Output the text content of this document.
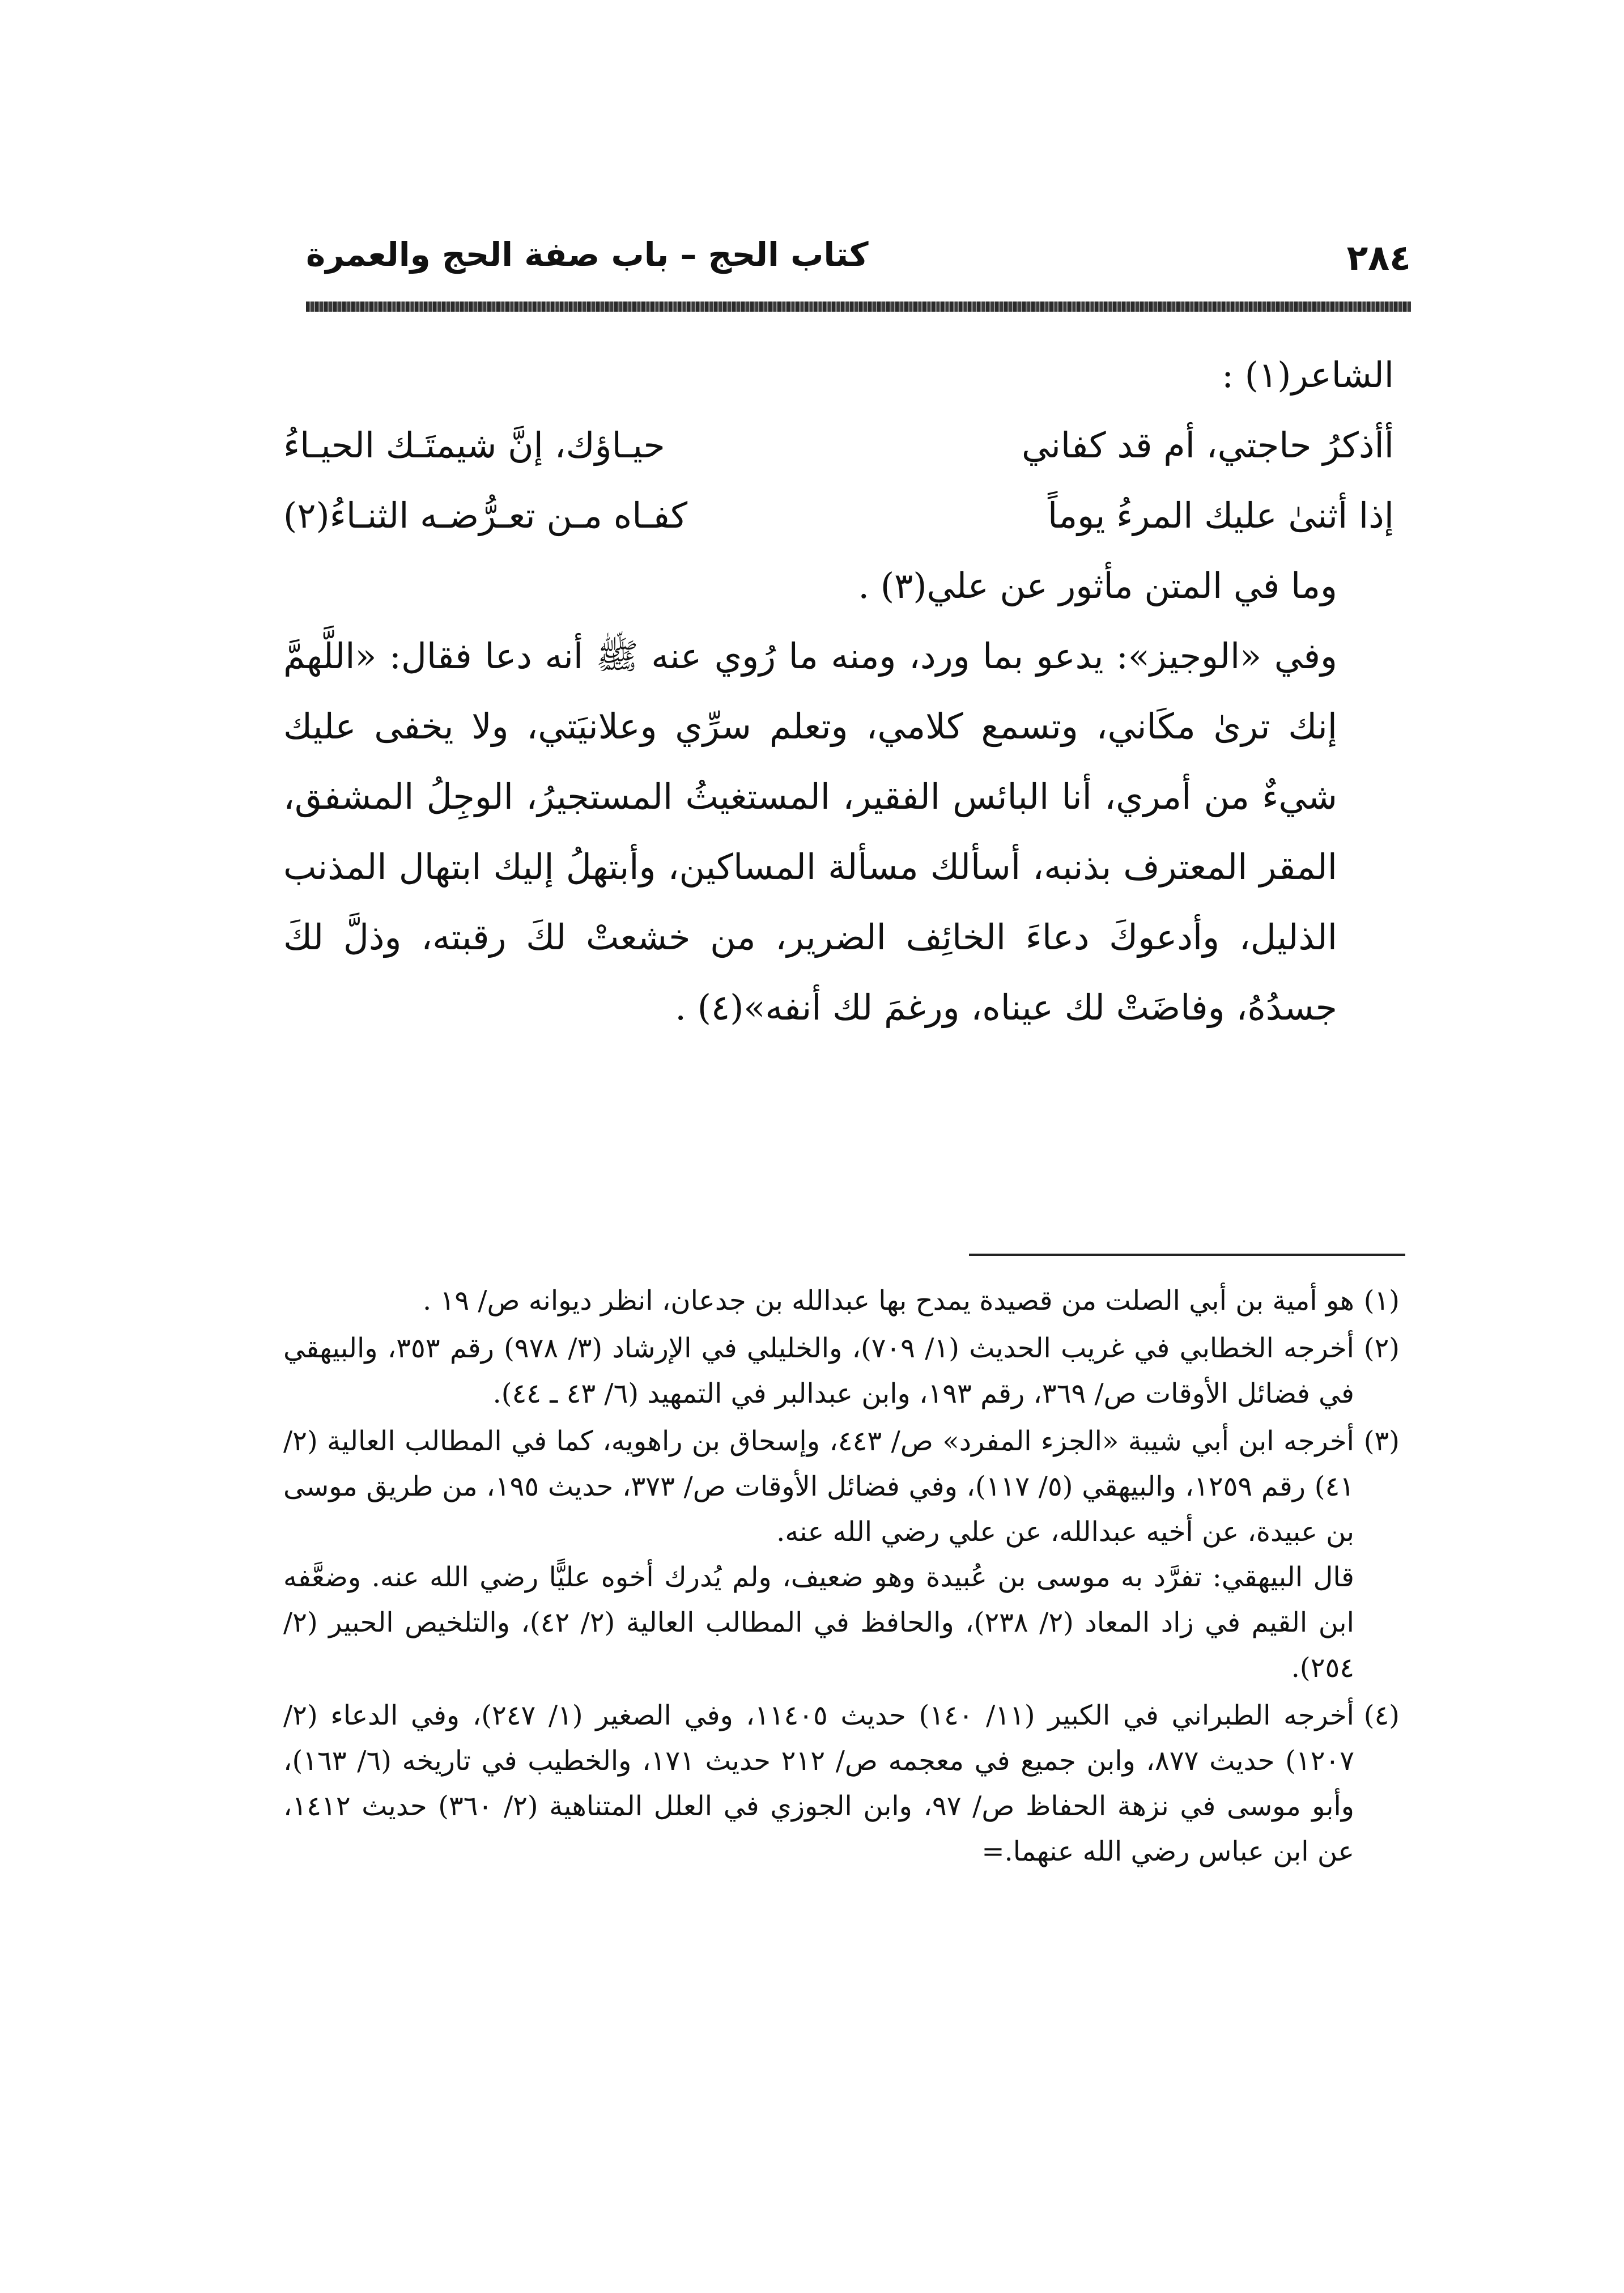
٢٨٤
كتاب الحج – باب صفة الحج والعمرة

الشاعر(١) :

أأذكرُ حاجتي، أم قد كفاني
حيـاؤك، إنَّ شيمتَـك الحيـاءُ
إذا أثنىٰ عليك المرءُ يوماً
كفـاه مـن تعـرُّضـه الثنـاءُ(٢)

وما في المتن مأثور عن علي(٣) .

وفي «الوجيز»: يدعو بما ورد، ومنه ما رُوي عنه ﷺ أنه دعا فقال: «اللَّهمَّ إنك ترىٰ مكَاني، وتسمع كلامي، وتعلم سرِّي وعلانيَتي، ولا يخفى عليك شيءٌ من أمري، أنا البائس الفقير، المستغيثُ المستجيرُ، الوجِلُ المشفق، المقر المعترف بذنبه، أسألك مسألة المساكين، وأبتهلُ إليك ابتهال المذنب الذليل، وأدعوكَ دعاءَ الخائِف الضرير، من خشعتْ لكَ رقبته، وذلَّ لكَ جسدُهُ، وفاضَتْ لك عيناه، ورغمَ لك أنفه»(٤) .

(١)
هو أمية بن أبي الصلت من قصيدة يمدح بها عبدالله بن جدعان، انظر ديوانه ص/ ١٩ .
(٢)
أخرجه الخطابي في غريب الحديث (١/ ٧٠٩)، والخليلي في الإرشاد (٣/ ٩٧٨) رقم ٣٥٣، والبيهقي في فضائل الأوقات ص/ ٣٦٩، رقم ١٩٣، وابن عبدالبر في التمهيد (٦/ ٤٣ ـ ٤٤).
(٣)
أخرجه ابن أبي شيبة «الجزء المفرد» ص/ ٤٤٣، وإسحاق بن راهويه، كما في المطالب العالية (٢/ ٤١) رقم ١٢٥٩، والبيهقي (٥/ ١١٧)، وفي فضائل الأوقات ص/ ٣٧٣، حديث ١٩٥، من طريق موسى بن عبيدة، عن أخيه عبدالله، عن علي رضي الله عنه.
قال البيهقي: تفرَّد به موسى بن عُبيدة وهو ضعيف، ولم يُدرك أخوه عليًّا رضي الله عنه. وضعَّفه ابن القيم في زاد المعاد (٢/ ٢٣٨)، والحافظ في المطالب العالية (٢/ ٤٢)، والتلخيص الحبير (٢/ ٢٥٤).
(٤)
أخرجه الطبراني في الكبير (١١/ ١٤٠) حديث ١١٤٠٥، وفي الصغير (١/ ٢٤٧)، وفي الدعاء (٢/ ١٢٠٧) حديث ٨٧٧، وابن جميع في معجمه ص/ ٢١٢ حديث ١٧١، والخطيب في تاريخه (٦/ ١٦٣)، وأبو موسى في نزهة الحفاظ ص/ ٩٧، وابن الجوزي في العلل المتناهية (٢/ ٣٦٠) حديث ١٤١٢، عن ابن عباس رضي الله عنهما.=
